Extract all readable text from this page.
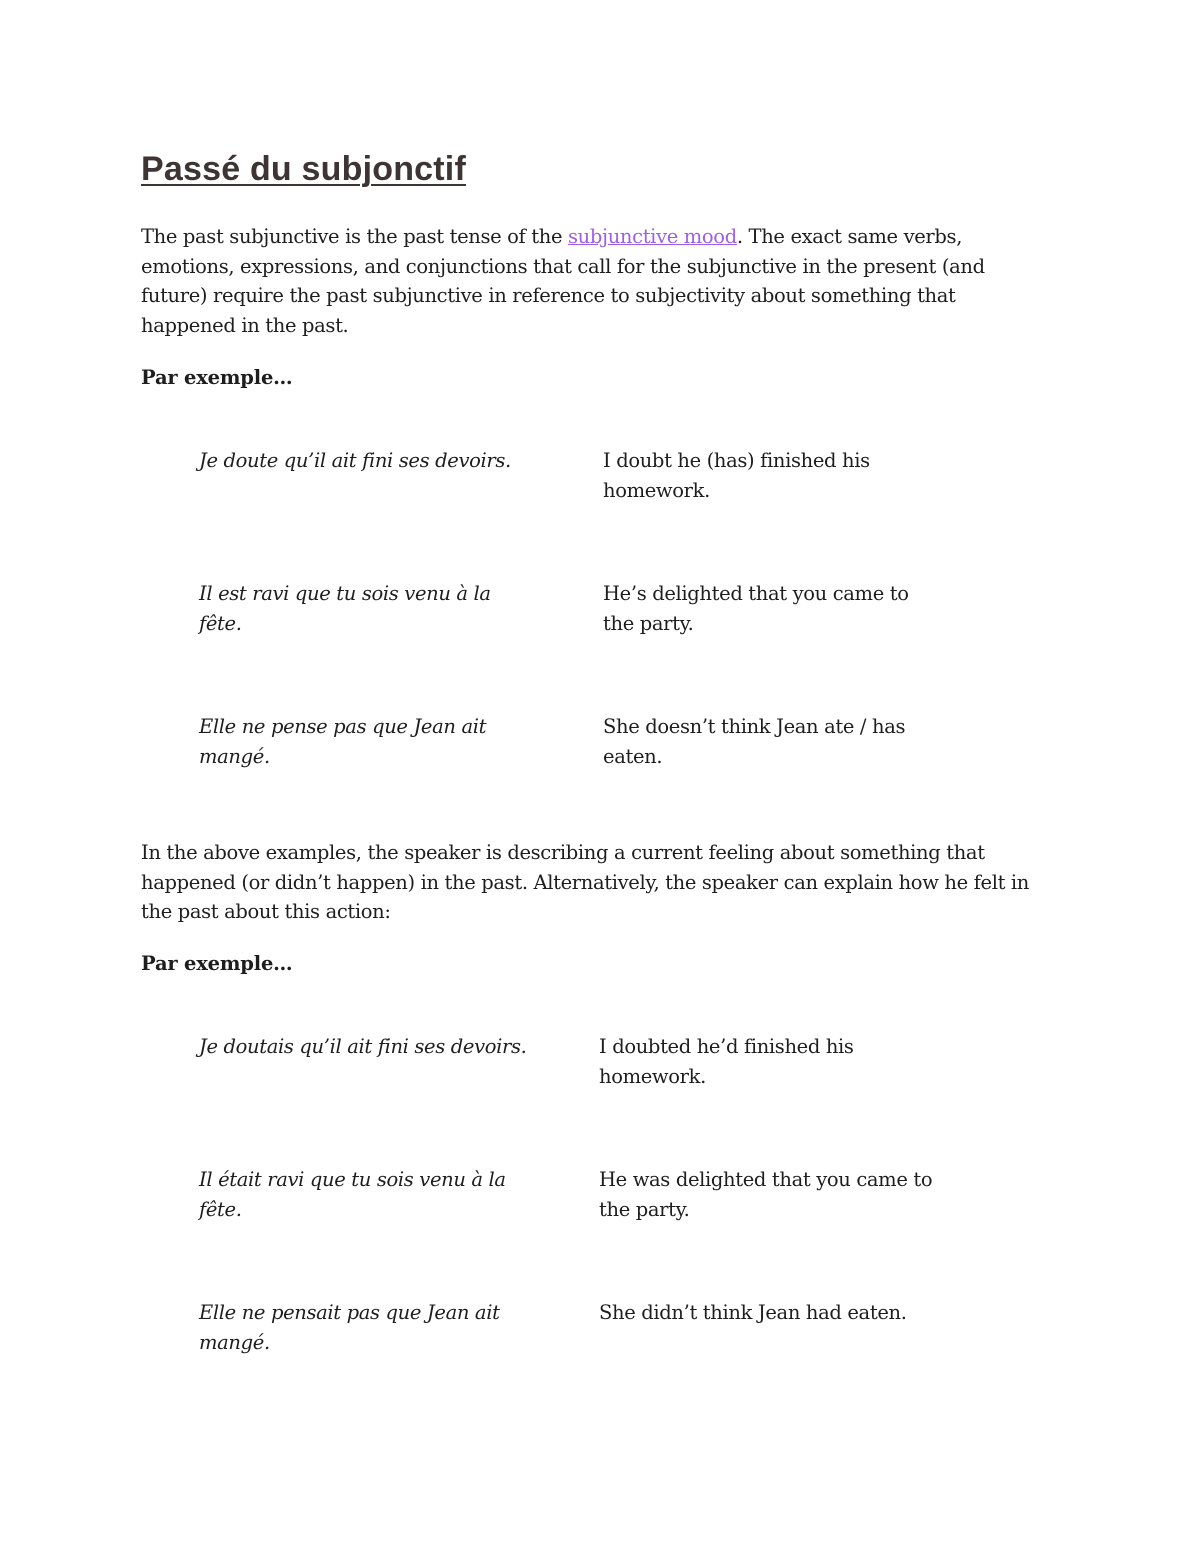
Passé du subjonctif

The past subjunctive is the past tense of the subjunctive mood. The exact same verbs, emotions, expressions, and conjunctions that call for the subjunctive in the present (and future) require the past subjunctive in reference to subjectivity about something that happened in the past.

Par exemple…

Je doute qu’il ait fini ses devoirs.	I doubt he (has) finished his homework.

Il est ravi que tu sois venu à la fête.

He’s delighted that you came to the party.

Elle ne pense pas que Jean ait mangé.

She doesn’t think Jean ate / has eaten.

In the above examples, the speaker is describing a current feeling about something that happened (or didn’t happen) in the past. Alternatively, the speaker can explain how he felt in the past about this action:

Par exemple…

Je doutais qu’il ait fini ses devoirs.	I doubted he’d finished his homework.

Il était ravi que tu sois venu à la fête.

He was delighted that you came to the party.

Elle ne pensait pas que Jean ait mangé.

She didn’t think Jean had eaten.
